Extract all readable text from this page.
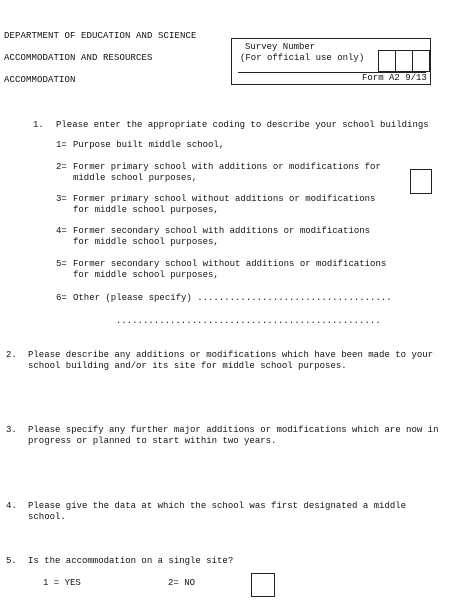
DEPARTMENT OF EDUCATION AND SCIENCE
ACCOMMODATION AND RESOURCES
ACCOMMODATION
Survey Number
(For official use only)
Form A2 9/13
1. Please enter the appropriate coding to describe your school buildings
1= Purpose built middle school,
2= Former primary school with additions or modifications for
middle school purposes,
3= Former primary school without additions or modifications
for middle school purposes,
4= Former secondary school with additions or modifications
for middle school purposes,
5= Former secondary school without additions or modifications
for middle school purposes,
6= Other (please specify) ....................................
.................................................
2. Please describe any additions or modifications which have been made to your
school building and/or its site for middle school purposes.
3. Please specify any further major additions or modifications which are now in
progress or planned to start within two years.
4. Please give the data at which the school was first designated a middle
school.
5. Is the accommodation on a single site?
1 = YES	2= NO
